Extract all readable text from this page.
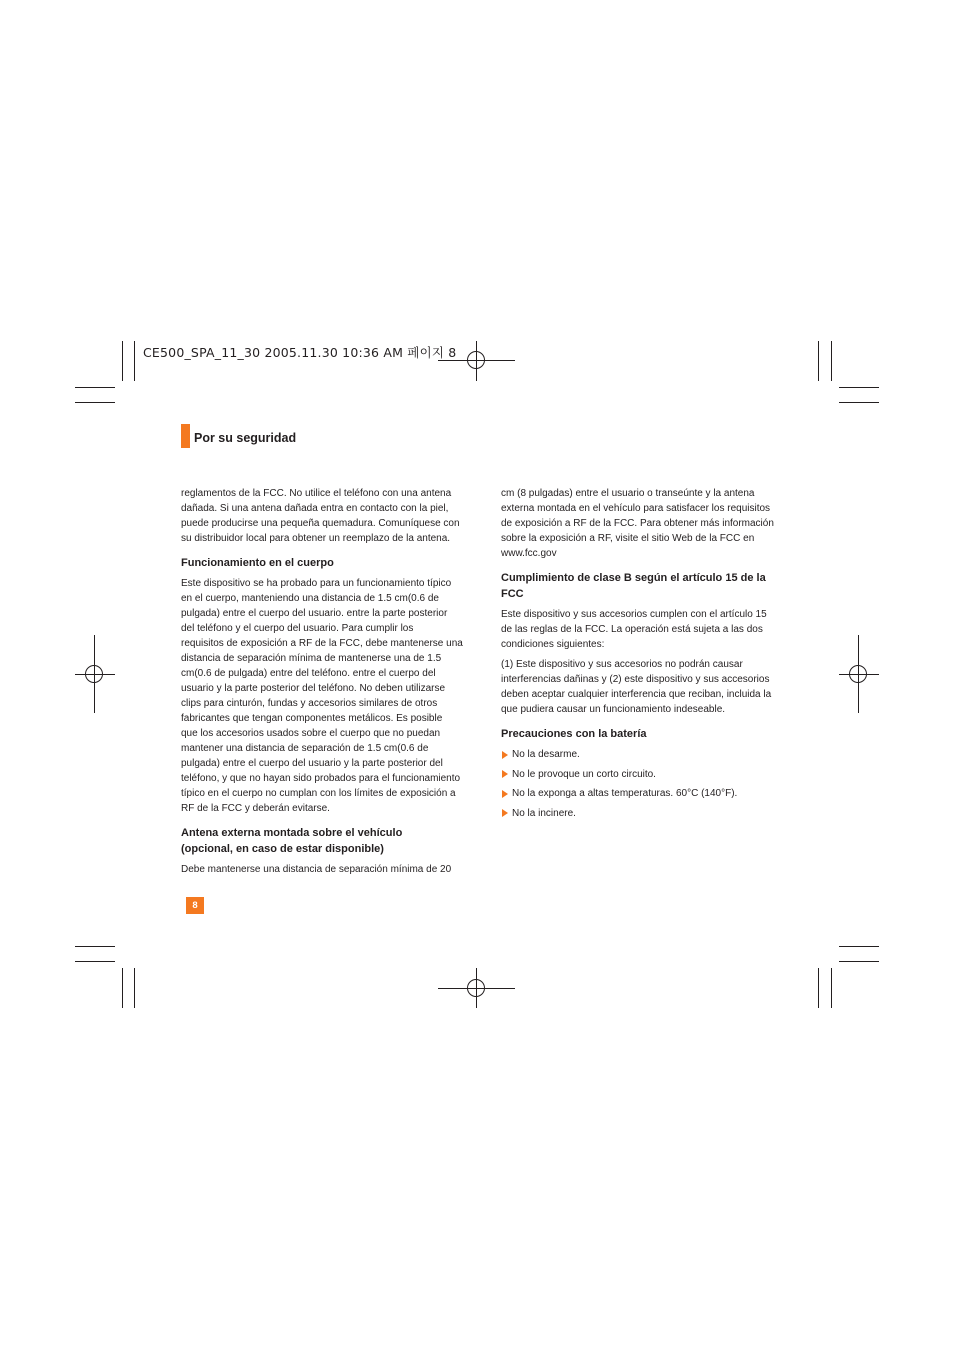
CE500_SPA_11_30 2005.11.30 10:36 AM 페이지 8
Por su seguridad

reglamentos de la FCC. No utilice el teléfono con una antena
dañada. Si una antena dañada entra en contacto con la piel,
puede producirse una pequeña quemadura. Comuníquese con
su distribuidor local para obtener un reemplazo de la antena.

Funcionamiento en el cuerpo

Este dispositivo se ha probado para un funcionamiento típico
en el cuerpo, manteniendo una distancia de 1.5 cm(0.6 de
pulgada) entre el cuerpo del usuario. entre la parte posterior
del teléfono y el cuerpo del usuario. Para cumplir los
requisitos de exposición a RF de la FCC, debe mantenerse una
distancia de separación mínima de mantenerse una de 1.5
cm(0.6 de pulgada) entre del teléfono. entre el cuerpo del
usuario y la parte posterior del teléfono. No deben utilizarse
clips para cinturón, fundas y accesorios similares de otros
fabricantes que tengan componentes metálicos. Es posible
que los accesorios usados sobre el cuerpo que no puedan
mantener una distancia de separación de 1.5 cm(0.6 de
pulgada) entre el cuerpo del usuario y la parte posterior del
teléfono, y que no hayan sido probados para el funcionamiento
típico en el cuerpo no cumplan con los límites de exposición a
RF de la FCC y deberán evitarse.

Antena externa montada sobre el vehículo
(opcional, en caso de estar disponible)

Debe mantenerse una distancia de separación mínima de 20

cm (8 pulgadas) entre el usuario o transeúnte y la antena
externa montada en el vehículo para satisfacer los requisitos
de exposición a RF de la FCC. Para obtener más información
sobre la exposición a RF, visite el sitio Web de la FCC en
www.fcc.gov

Cumplimiento de clase B según el artículo 15 de la
FCC

Este dispositivo y sus accesorios cumplen con el artículo 15
de las reglas de la FCC. La operación está sujeta a las dos
condiciones siguientes:

(1) Este dispositivo y sus accesorios no podrán causar
interferencias dañinas y (2) este dispositivo y sus accesorios
deben aceptar cualquier interferencia que reciban, incluida la
que pudiera causar un funcionamiento indeseable.

Precauciones con la batería
No la desarme.
No le provoque un corto circuito.
No la exponga a altas temperaturas. 60°C (140°F).
No la incinere.
8
